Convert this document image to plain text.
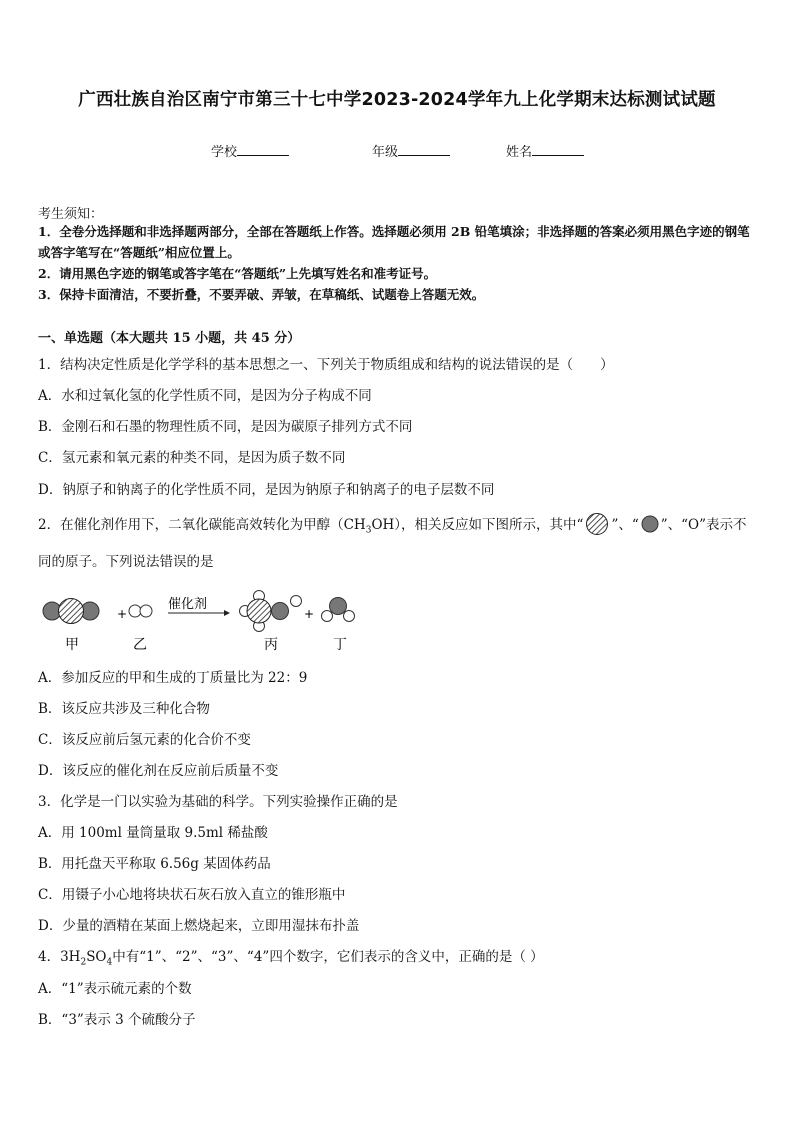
广西壮族自治区南宁市第三十七中学2023-2024学年九上化学期末达标测试试题
学校	年级	姓名
考生须知：
1．全卷分选择题和非选择题两部分，全部在答题纸上作答。选择题必须用 2B 铅笔填涂；非选择题的答案必须用黑色字迹的钢笔或答字笔写在“答题纸”相应位置上。
2．请用黑色字迹的钢笔或答字笔在“答题纸”上先填写姓名和准考证号。
3．保持卡面清洁，不要折叠，不要弄破、弄皱，在草稿纸、试题卷上答题无效。
一、单选题（本大题共 15 小题，共 45 分）
1．结构决定性质是化学学科的基本思想之一、下列关于物质组成和结构的说法错误的是（　　）
A．水和过氧化氢的化学性质不同，是因为分子构成不同
B．金刚石和石墨的物理性质不同，是因为碳原子排列方式不同
C．氢元素和氧元素的种类不同，是因为质子数不同
D．钠原子和钠离子的化学性质不同，是因为钠原子和钠离子的电子层数不同
2．在催化剂作用下，二氧化碳能高效转化为甲醇$(CH_3OH)$，相关反应如下图所示，其中“ ”、“ ”、“O”表示不
同的原子。下列说法错误的是
+
催化剂
+
甲	乙	丙	丁
A．参加反应的甲和生成的丁质量比为 22：9
B．该反应共涉及三种化合物
C．该反应前后氢元素的化合价不变
D．该反应的催化剂在反应前后质量不变
3．化学是一门以实验为基础的科学。下列实验操作正确的是
A．用 100ml 量筒量取 9.5ml 稀盐酸
B．用托盘天平称取 6.56g 某固体药品
C．用镊子小心地将块状石灰石放入直立的锥形瓶中
D．少量的酒精在某面上燃烧起来，立即用湿抹布扑盖
4．$3H_2SO_4$中有“1”、“2”、“3”、“4”四个数字，它们表示的含义中，正确的是（ ）
A．“1”表示硫元素的个数
B．“3”表示 3 个硫酸分子
